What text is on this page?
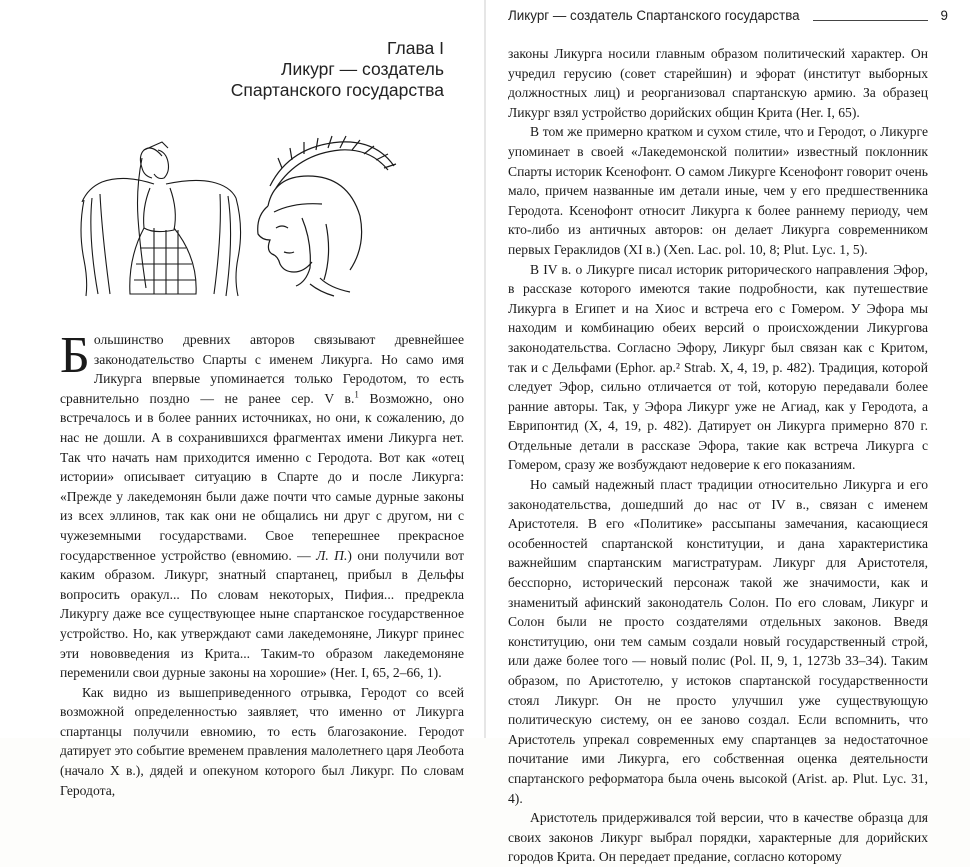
Глава I
Ликург — создатель
Спартанского государства

Большинство древних авторов связывают древнейшее законодательство Спарты с именем Ликурга. Но само имя Ликурга впервые упоминается только Геродотом, то есть сравнительно поздно — не ранее сер. V в.$^1$ Возможно, оно встречалось и в более ранних источниках, но они, к сожалению, до нас не дошли. А в сохранившихся фрагментах имени Ликурга нет. Так что начать нам приходится именно с Геродота. Вот как «отец истории» описывает ситуацию в Спарте до и после Ликурга: «Прежде у лакедемонян были даже почти что самые дурные законы из всех эллинов, так как они не общались ни друг с другом, ни с чужеземными государствами. Свое теперешнее прекрасное государственное устройство (евномию. — Л. П.) они получили вот каким образом. Ликург, знатный спартанец, прибыл в Дельфы вопросить оракул... По словам некоторых, Пифия... предрекла Ликургу даже все существующее ныне спартанское государственное устройство. Но, как утверждают сами лакедемоняне, Ликург принес эти нововведения из Крита... Таким-то образом лакедемоняне переменили свои дурные законы на хорошие» (Her. I, 65, 2–66, 1).

Как видно из вышеприведенного отрывка, Геродот со всей возможной определенностью заявляет, что именно от Ликурга спартанцы получили евномию, то есть благозаконие. Геродот датирует это событие временем правления малолетнего царя Леобота (начало X в.), дядей и опекуном которого был Ликург. По словам Геродота,

Ликург — создатель Спартанского государства	9

законы Ликурга носили главным образом политический характер. Он учредил герусию (совет старейшин) и эфорат (институт выборных должностных лиц) и реорганизовал спартанскую армию. За образец Ликург взял устройство дорийских общин Крита (Her. I, 65).

В том же примерно кратком и сухом стиле, что и Геродот, о Ликурге упоминает в своей «Лакедемонской политии» известный поклонник Спарты историк Ксенофонт. О самом Ликурге Ксенофонт говорит очень мало, причем названные им детали иные, чем у его предшественника Геродота. Ксенофонт относит Ликурга к более раннему периоду, чем кто-либо из античных авторов: он делает Ликурга современником первых Гераклидов (XI в.) (Xen. Lac. pol. 10, 8; Plut. Lyc. 1, 5).

В IV в. о Ликурге писал историк риторического направления Эфор, в рассказе которого имеются такие подробности, как путешествие Ликурга в Египет и на Хиос и встреча его с Гомером. У Эфора мы находим и комбинацию обеих версий о происхождении Ликургова законодательства. Согласно Эфору, Ликург был связан как с Критом, так и с Дельфами (Ephor. ap.² Strab. X, 4, 19, p. 482). Традиция, которой следует Эфор, сильно отличается от той, которую передавали более ранние авторы. Так, у Эфора Ликург уже не Агиад, как у Геродота, а Еврипонтид (X, 4, 19, p. 482). Датирует он Ликурга примерно 870 г. Отдельные детали в рассказе Эфора, такие как встреча Ликурга с Гомером, сразу же возбуждают недоверие к его показаниям.

Но самый надежный пласт традиции относительно Ликурга и его законодательства, дошедший до нас от IV в., связан с именем Аристотеля. В его «Политике» рассыпаны замечания, касающиеся особенностей спартанской конституции, и дана характеристика важнейшим спартанским магистратурам. Ликург для Аристотеля, бесспорно, исторический персонаж такой же значимости, как и знаменитый афинский законодатель Солон. По его словам, Ликург и Солон были не просто создателями отдельных законов. Введя конституцию, они тем самым создали новый государственный строй, или даже более того — новый полис (Pol. II, 9, 1, 1273b 33–34). Таким образом, по Аристотелю, у истоков спартанской государственности стоял Ликург. Он не просто улучшил уже существующую политическую систему, он ее заново создал. Если вспомнить, что Аристотель упрекал современных ему спартанцев за недостаточное почитание ими Ликурга, его собственная оценка деятельности спартанского реформатора была очень высокой (Arist. ap. Plut. Lyc. 31, 4).

Аристотель придерживался той версии, что в качестве образца для своих законов Ликург выбрал порядки, характерные для дорийских городов Крита. Он передает предание, согласно которому
